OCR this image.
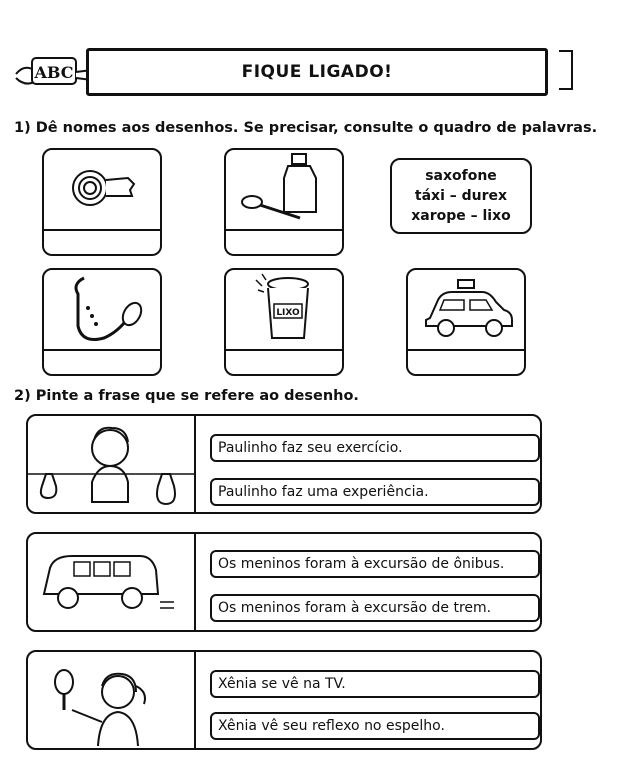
ABC	FIQUE LIGADO!
1) Dê nomes aos desenhos. Se precisar, consulte o quadro de palavras.
saxofone
táxi – durex
xarope – lixo
LIXO
2) Pinte a frase que se refere ao desenho.
Paulinho faz seu exercício.
Paulinho faz uma experiência.
Os meninos foram à excursão de ônibus.
Os meninos foram à excursão de trem.
Xênia se vê na TV.
Xênia vê seu reflexo no espelho.
